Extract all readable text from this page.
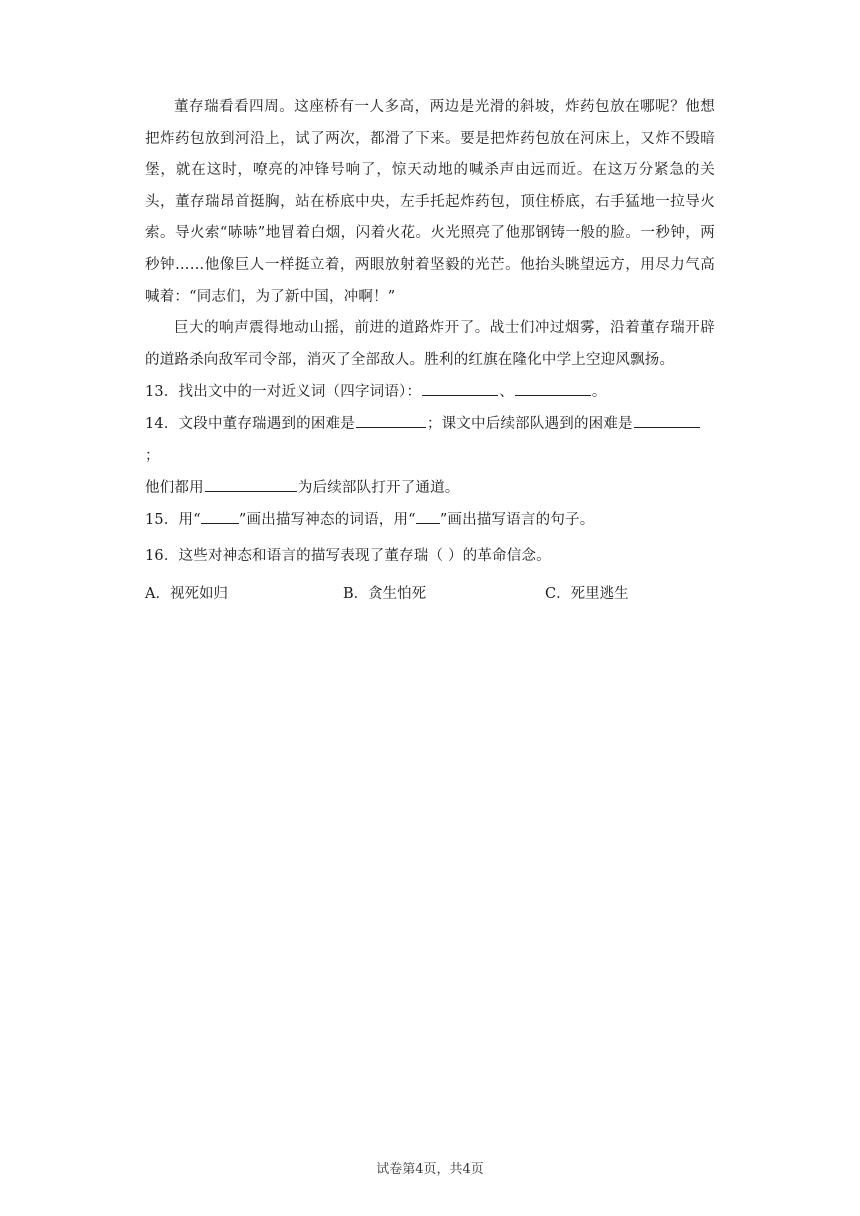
董存瑞看看四周。这座桥有一人多高，两边是光滑的斜坡，炸药包放在哪呢？他想把炸药包放到河沿上，试了两次，都滑了下来。要是把炸药包放在河床上，又炸不毁暗堡，就在这时，嘹亮的冲锋号响了，惊天动地的喊杀声由远而近。在这万分紧急的关头，董存瑞昂首挺胸，站在桥底中央，左手托起炸药包，顶住桥底，右手猛地一拉导火索。导火索“哧哧”地冒着白烟，闪着火花。火光照亮了他那钢铸一般的脸。一秒钟，两秒钟……他像巨人一样挺立着，两眼放射着坚毅的光芒。他抬头眺望远方，用尽力气高喊着：“同志们，为了新中国，冲啊！”

巨大的响声震得地动山摇，前进的道路炸开了。战士们冲过烟雾，沿着董存瑞开辟的道路杀向敌军司令部，消灭了全部敌人。胜利的红旗在隆化中学上空迎风飘扬。

13．找出文中的一对近义词（四字词语）：	、	。

14．文段中董存瑞遇到的困难是	；课文中后续部队遇到的困难是；
他们都用	为后续部队打开了通道。

15．用“	”画出描写神态的词语，用“ ”画出描写语言的句子。

16．这些对神态和语言的描写表现了董存瑞（ ）的革命信念。

A．视死如归	B．贪生怕死	C．死里逃生
试卷第4页，共4页
